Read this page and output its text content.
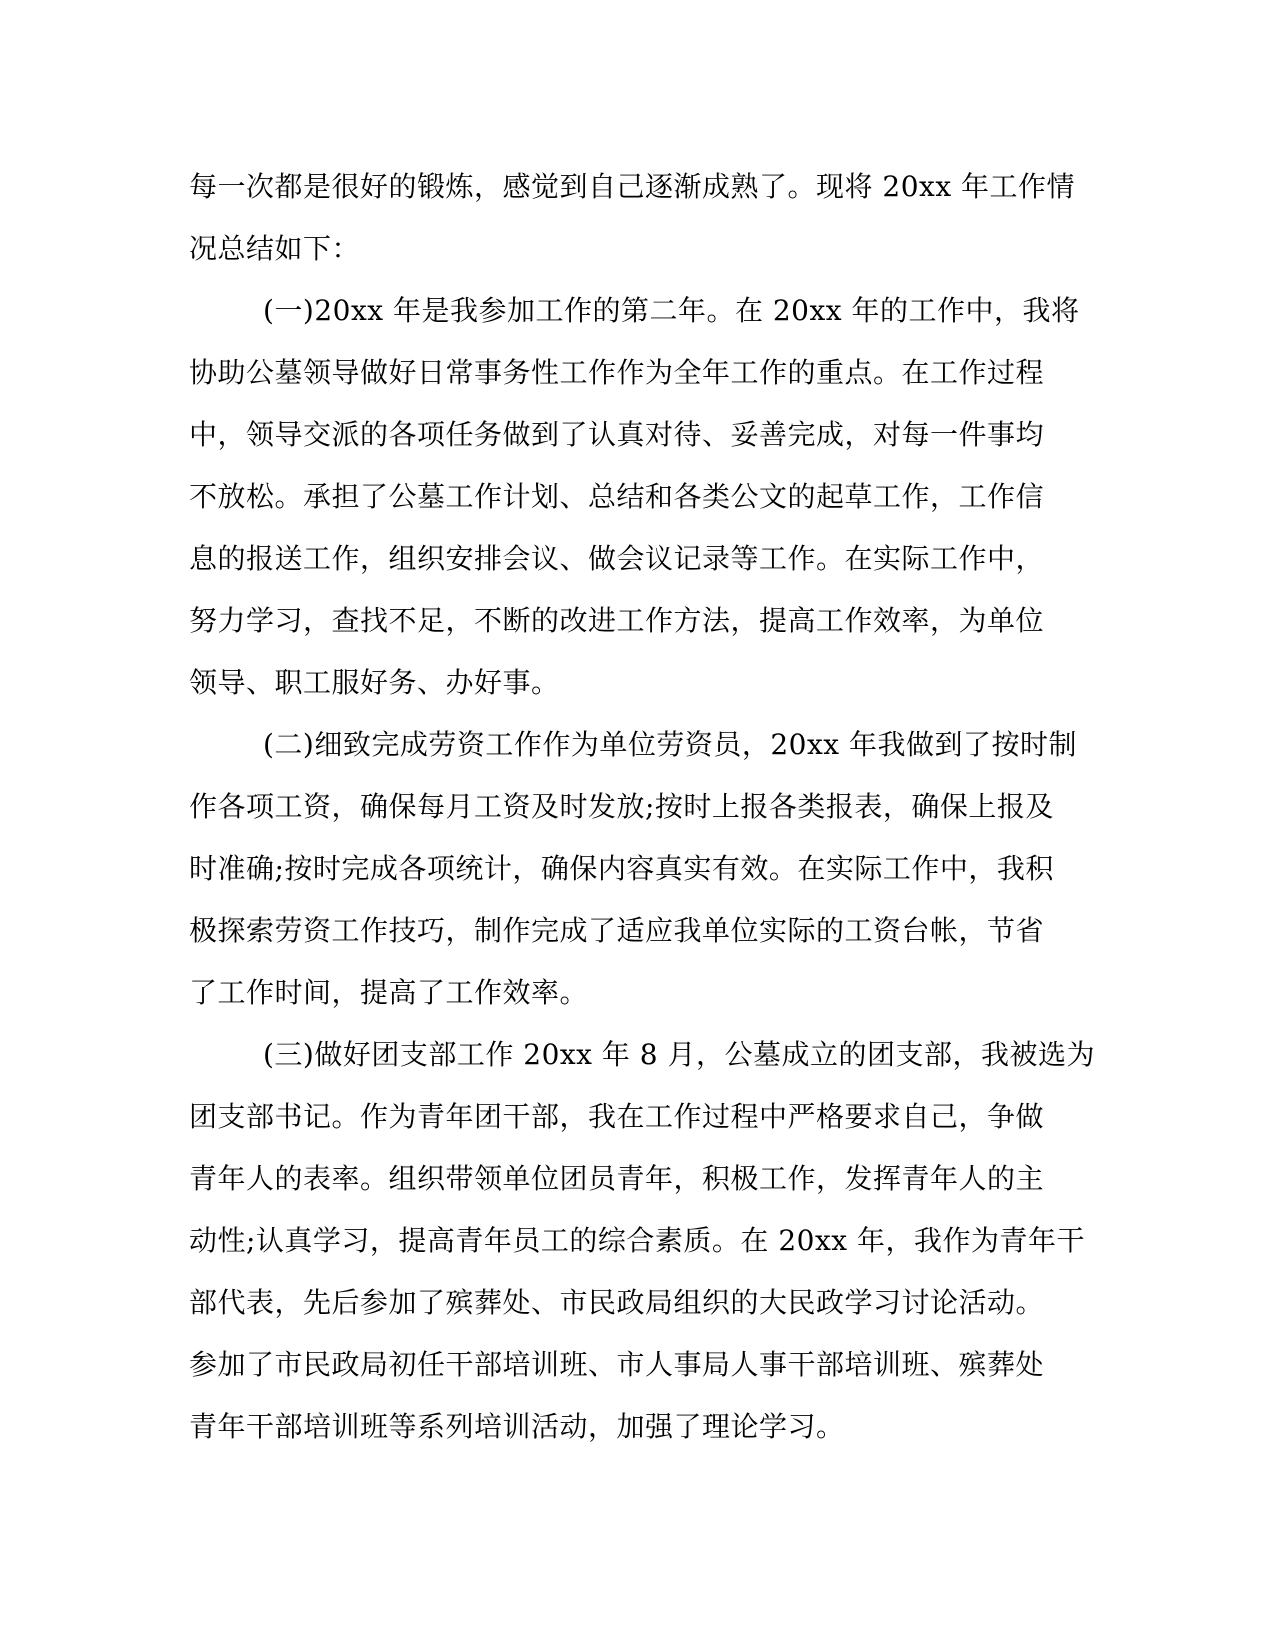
每一次都是很好的锻炼，感觉到自己逐渐成熟了。现将 20xx 年工作情
况总结如下：
(一)20xx 年是我参加工作的第二年。在 20xx 年的工作中，我将
协助公墓领导做好日常事务性工作作为全年工作的重点。在工作过程
中，领导交派的各项任务做到了认真对待、妥善完成，对每一件事均
不放松。承担了公墓工作计划、总结和各类公文的起草工作，工作信
息的报送工作，组织安排会议、做会议记录等工作。在实际工作中，
努力学习，查找不足，不断的改进工作方法，提高工作效率，为单位
领导、职工服好务、办好事。
(二)细致完成劳资工作作为单位劳资员，20xx 年我做到了按时制
作各项工资，确保每月工资及时发放;按时上报各类报表，确保上报及
时准确;按时完成各项统计，确保内容真实有效。在实际工作中，我积
极探索劳资工作技巧，制作完成了适应我单位实际的工资台帐，节省
了工作时间，提高了工作效率。
(三)做好团支部工作 20xx 年 8 月，公墓成立的团支部，我被选为
团支部书记。作为青年团干部，我在工作过程中严格要求自己，争做
青年人的表率。组织带领单位团员青年，积极工作，发挥青年人的主
动性;认真学习，提高青年员工的综合素质。在 20xx 年，我作为青年干
部代表，先后参加了殡葬处、市民政局组织的大民政学习讨论活动。
参加了市民政局初任干部培训班、市人事局人事干部培训班、殡葬处
青年干部培训班等系列培训活动，加强了理论学习。
